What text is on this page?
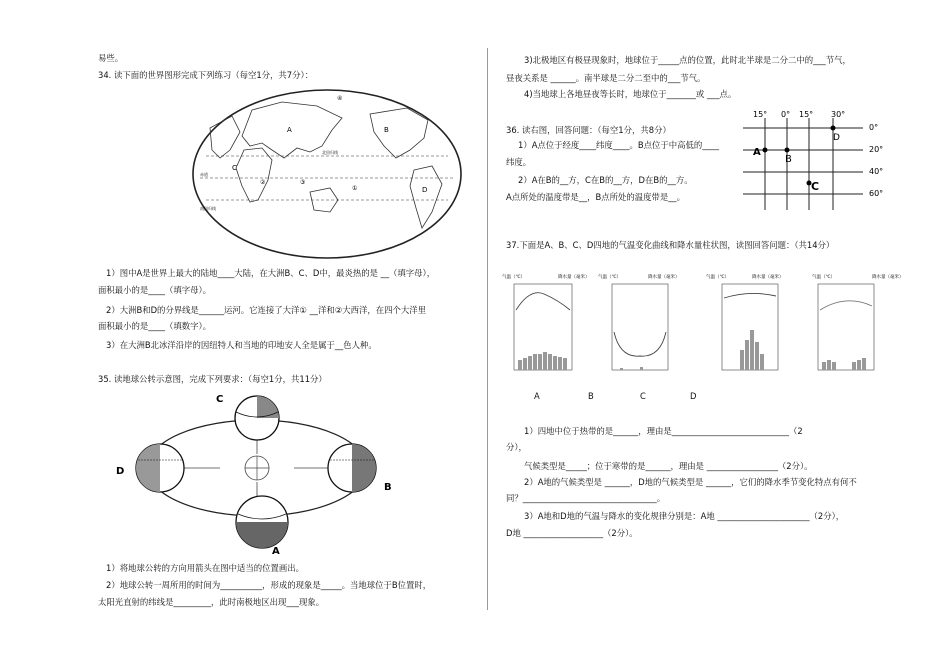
易些。
34. 读下面的世界图形完成下列练习（每空1分，共7分）：
A	B
C
D
①
②	③
④
赤道
北回归线
南回归线
1）图中A是世界上最大的陆地____大陆，在大洲B、C、D中，最炎热的是 __（填字母），
面积最小的是____（填字母）。
2）大洲B和D的分界线是______运河。它连接了大洋① __洋和②大西洋，在四个大洋里
面积最小的是____（填数字）。
3）在大洲B北冰洋沿岸的因纽特人和当地的印地安人全是属于__色人种。
35. 读地球公转示意图，完成下列要求：（每空1分，共11分）
C
D
B
A
1）将地球公转的方向用箭头在图中适当的位置画出。
2）地球公转一周所用的时间为__________，形成的现象是_____。当地球位于B位置时，
太阳光直射的纬线是_________，此时南极地区出现___现象。
3)北极地区有极昼现象时，地球位于_____点的位置，此时北半球是二分二中的___节气，
昼夜关系是 ______。南半球是二分二至中的___节气。
4)当地球上各地昼夜等长时，地球位于_______或 ___点。
36. 读右图，回答问题：（每空1分，共8分）
1）A点位于经度____纬度____。B点位于中高低的____
纬度。
2）A在B的__方，C在B的__方，D在B的__方。
A点所处的温度带是__，B点所处的温度带是__。
15° 0° 15° 30°
0°
20°
40°
60°
A
B
C
D
37.下面是A、B、C、D四地的气温变化曲线和降水量柱状图，读图回答问题：（共14分）
气温（℃）	降水量（毫米） 气温（℃）	降水量（毫米）	气温（℃）	降水量（毫米）	气温（℃）	降水量（毫米）
A	B	C	D
1）四地中位于热带的是______，理由是____________________________（2
分），
气候类型是_____；位于寒带的是______，理由是 _________________（2分）。
2）A地的气候类型是 ______，D地的气候类型是 ______，它们的降水季节变化特点有何不
同？________________________________。
3）A地和D地的气温与降水的变化规律分别是：A地 ______________________（2分），
D地 ___________________（2分）。
